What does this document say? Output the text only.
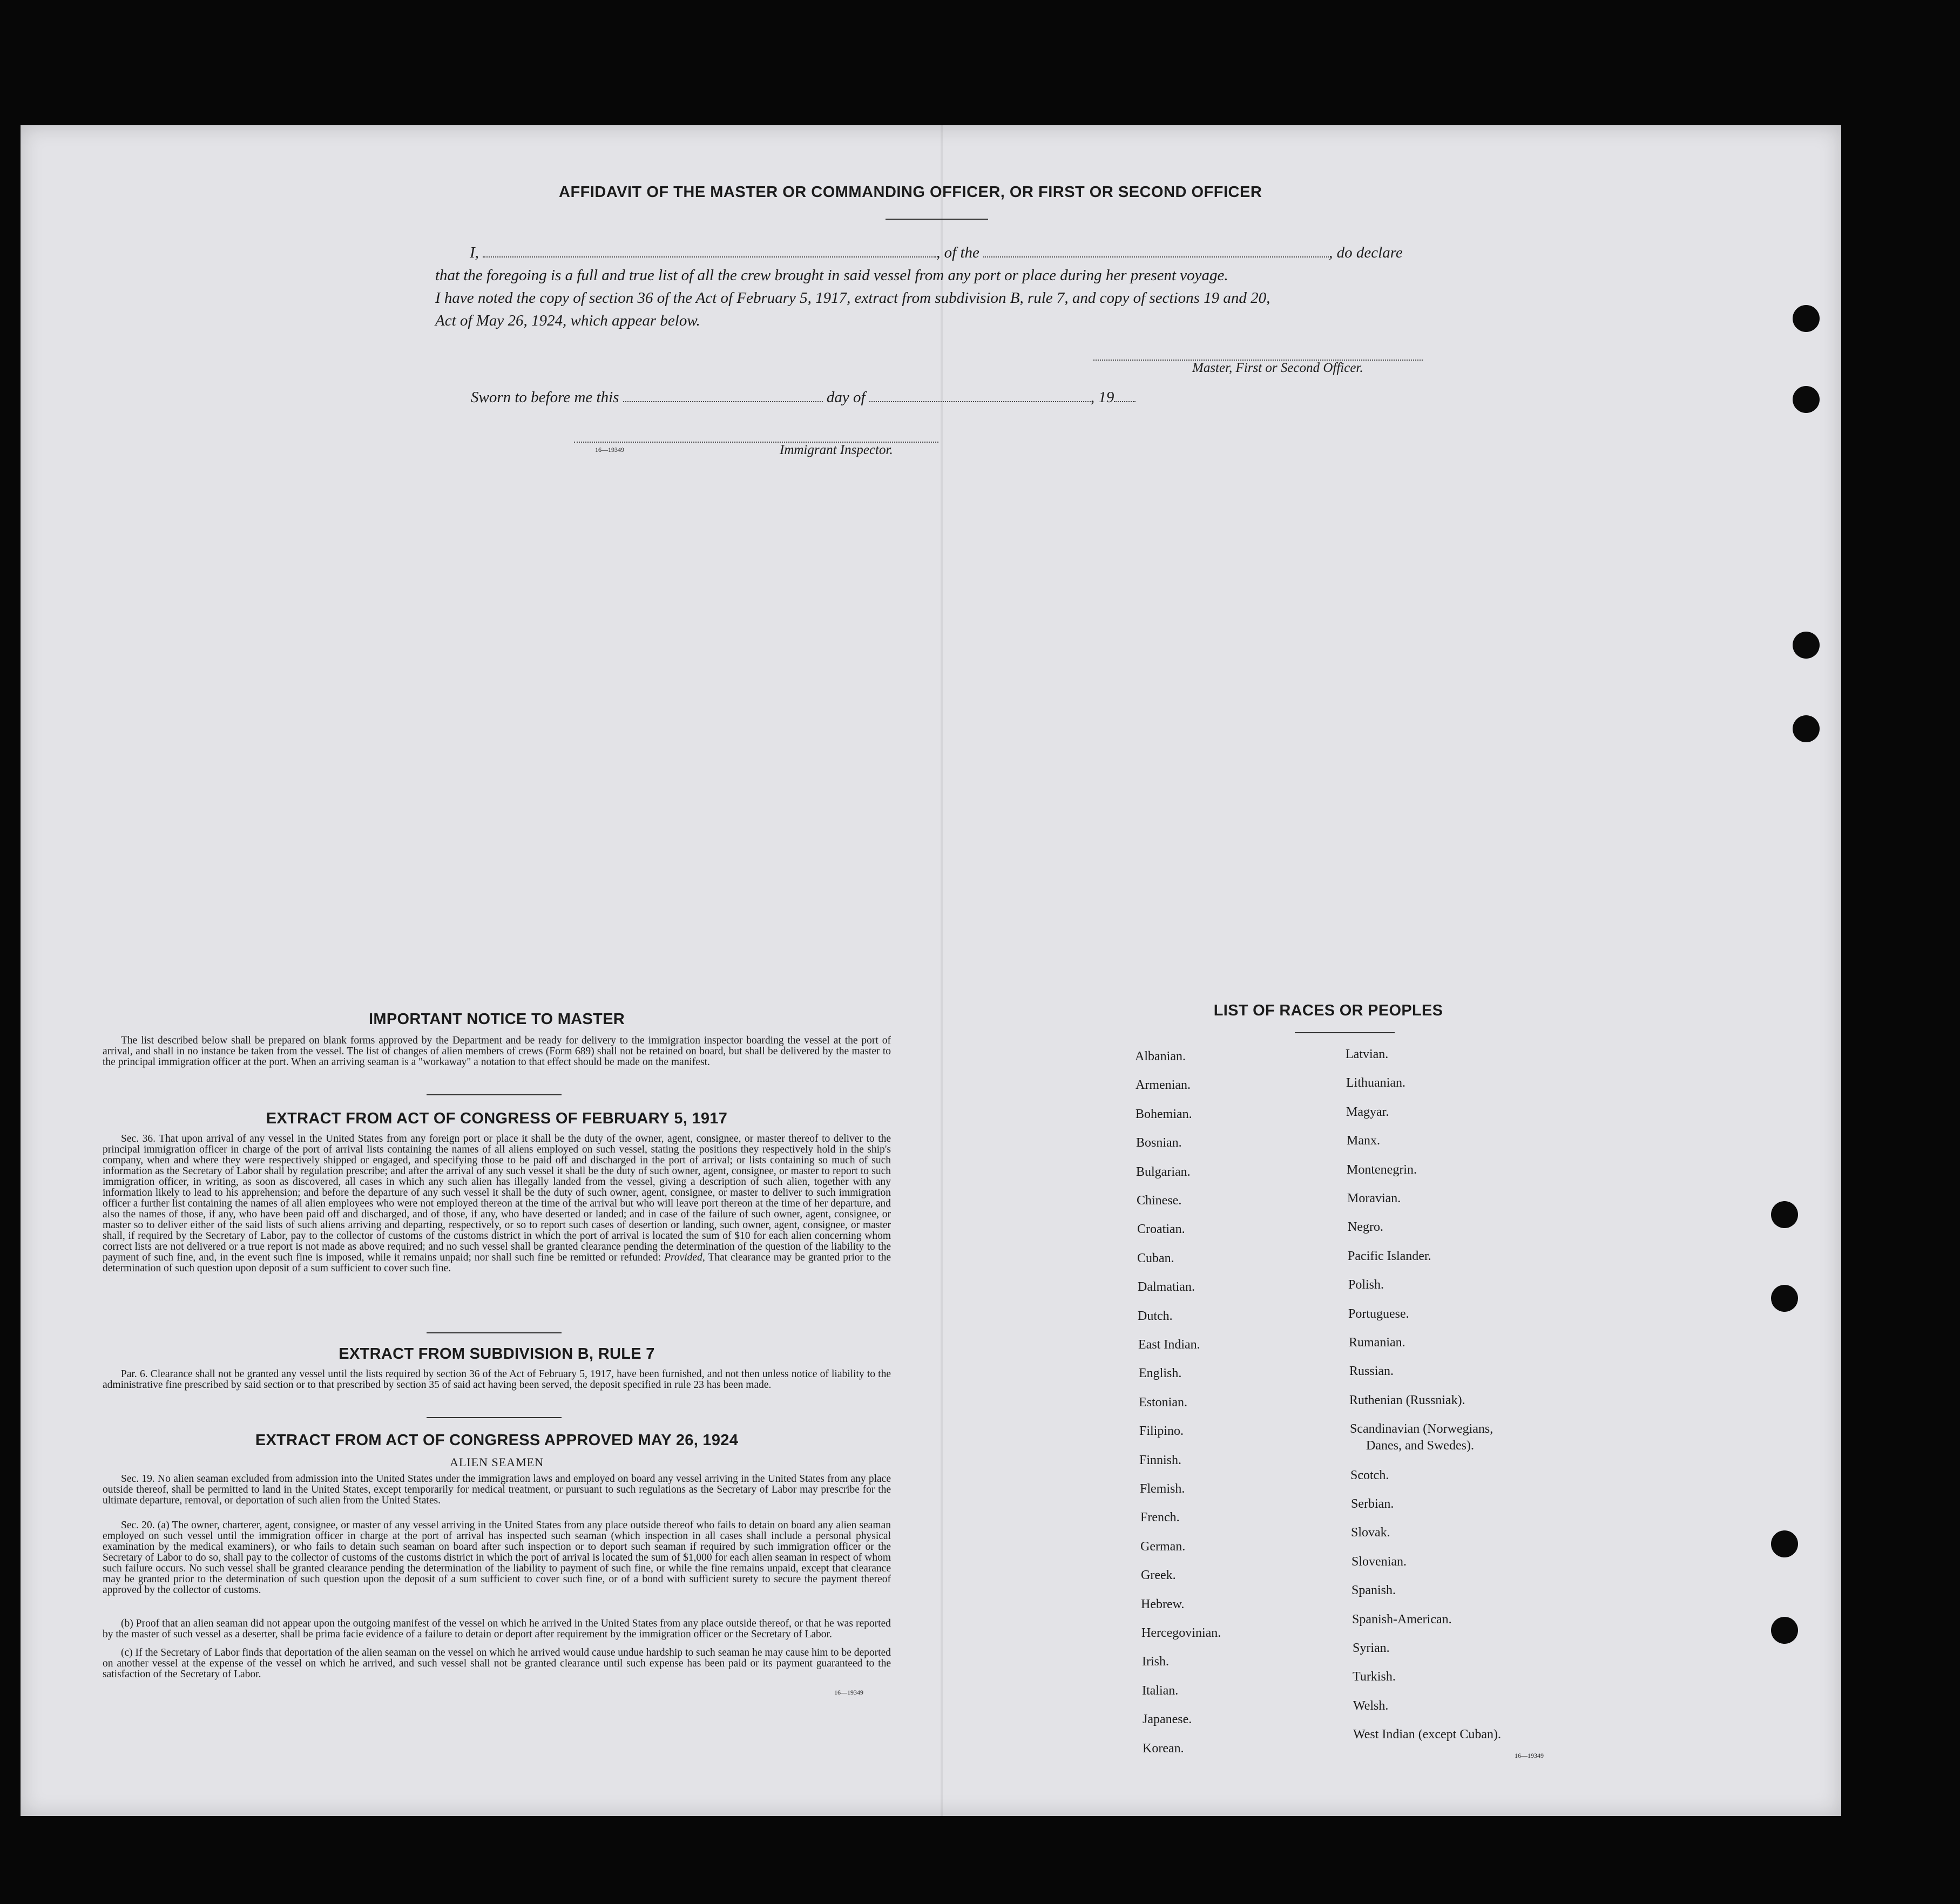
AFFIDAVIT OF THE MASTER OR COMMANDING OFFICER, OR FIRST OR SECOND OFFICER
I,	, of the	, do declare
that the foregoing is a full and true list of all the crew brought in said vessel from any port or place during her present voyage.
I have noted the copy of section 36 of the Act of February 5, 1917, extract from subdivision B, rule 7, and copy of sections 19 and 20,
Act of May 26, 1924, which appear below.
Master, First or Second Officer.
Sworn to before me this	day of	, 19
16—19349	Immigrant Inspector.
IMPORTANT NOTICE TO MASTER

The list described below shall be prepared on blank forms approved by the Department and be ready for delivery to the immigration inspector boarding the vessel at the port of arrival, and shall in no instance be taken from the vessel. The list of changes of alien members of crews (Form 689) shall not be retained on board, but shall be delivered by the master to the principal immigration officer at the port. When an arriving seaman is a "workaway" a notation to that effect should be made on the manifest.

EXTRACT FROM ACT OF CONGRESS OF FEBRUARY 5, 1917

Sec. 36. That upon arrival of any vessel in the United States from any foreign port or place it shall be the duty of the owner, agent, consignee, or master thereof to deliver to the principal immigration officer in charge of the port of arrival lists containing the names of all aliens employed on such vessel, stating the positions they respectively hold in the ship's company, when and where they were respectively shipped or engaged, and specifying those to be paid off and discharged in the port of arrival; or lists containing so much of such information as the Secretary of Labor shall by regulation prescribe; and after the arrival of any such vessel it shall be the duty of such owner, agent, consignee, or master to report to such immigration officer, in writing, as soon as discovered, all cases in which any such alien has illegally landed from the vessel, giving a description of such alien, together with any information likely to lead to his apprehension; and before the departure of any such vessel it shall be the duty of such owner, agent, consignee, or master to deliver to such immigration officer a further list containing the names of all alien employees who were not employed thereon at the time of the arrival but who will leave port thereon at the time of her departure, and also the names of those, if any, who have been paid off and discharged, and of those, if any, who have deserted or landed; and in case of the failure of such owner, agent, consignee, or master so to deliver either of the said lists of such aliens arriving and departing, respectively, or so to report such cases of desertion or landing, such owner, agent, consignee, or master shall, if required by the Secretary of Labor, pay to the collector of customs of the customs district in which the port of arrival is located the sum of $10 for each alien concerning whom correct lists are not delivered or a true report is not made as above required; and no such vessel shall be granted clearance pending the determination of the question of the liability to the payment of such fine, and, in the event such fine is imposed, while it remains unpaid; nor shall such fine be remitted or refunded: Provided, That clearance may be granted prior to the determination of such question upon deposit of a sum sufficient to cover such fine.

EXTRACT FROM SUBDIVISION B, RULE 7

Par. 6. Clearance shall not be granted any vessel until the lists required by section 36 of the Act of February 5, 1917, have been furnished, and not then unless notice of liability to the administrative fine prescribed by said section or to that prescribed by section 35 of said act having been served, the deposit specified in rule 23 has been made.

EXTRACT FROM ACT OF CONGRESS APPROVED MAY 26, 1924
ALIEN SEAMEN

Sec. 19. No alien seaman excluded from admission into the United States under the immigration laws and employed on board any vessel arriving in the United States from any place outside thereof, shall be permitted to land in the United States, except temporarily for medical treatment, or pursuant to such regulations as the Secretary of Labor may prescribe for the ultimate departure, removal, or deportation of such alien from the United States.

Sec. 20. (a) The owner, charterer, agent, consignee, or master of any vessel arriving in the United States from any place outside thereof who fails to detain on board any alien seaman employed on such vessel until the immigration officer in charge at the port of arrival has inspected such seaman (which inspection in all cases shall include a personal physical examination by the medical examiners), or who fails to detain such seaman on board after such inspection or to deport such seaman if required by such immigration officer or the Secretary of Labor to do so, shall pay to the collector of customs of the customs district in which the port of arrival is located the sum of $1,000 for each alien seaman in respect of whom such failure occurs. No such vessel shall be granted clearance pending the determination of the liability to payment of such fine, or while the fine remains unpaid, except that clearance may be granted prior to the determination of such question upon the deposit of a sum sufficient to cover such fine, or of a bond with sufficient surety to secure the payment thereof approved by the collector of customs.

(b) Proof that an alien seaman did not appear upon the outgoing manifest of the vessel on which he arrived in the United States from any place outside thereof, or that he was reported by the master of such vessel as a deserter, shall be prima facie evidence of a failure to detain or deport after requirement by the immigration officer or the Secretary of Labor.

(c) If the Secretary of Labor finds that deportation of the alien seaman on the vessel on which he arrived would cause undue hardship to such seaman he may cause him to be deported on another vessel at the expense of the vessel on which he arrived, and such vessel shall not be granted clearance until such expense has been paid or its payment guaranteed to the satisfaction of the Secretary of Labor.

16—19349
LIST OF RACES OR PEOPLES
Albanian.
Armenian.
Bohemian.
Bosnian.
Bulgarian.
Chinese.
Croatian.
Cuban.
Dalmatian.
Dutch.
East Indian.
English.
Estonian.
Filipino.
Finnish.
Flemish.
French.
German.
Greek.
Hebrew.
Hercegovinian.
Irish.
Italian.
Japanese.
Korean.
Latvian.
Lithuanian.
Magyar.
Manx.
Montenegrin.
Moravian.
Negro.
Pacific Islander.
Polish.
Portuguese.
Rumanian.
Russian.
Ruthenian (Russniak).
Scandinavian (Norwegians,
Danes, and Swedes).
Scotch.
Serbian.
Slovak.
Slovenian.
Spanish.
Spanish-American.
Syrian.
Turkish.
Welsh.
West Indian (except Cuban).
16—19349
